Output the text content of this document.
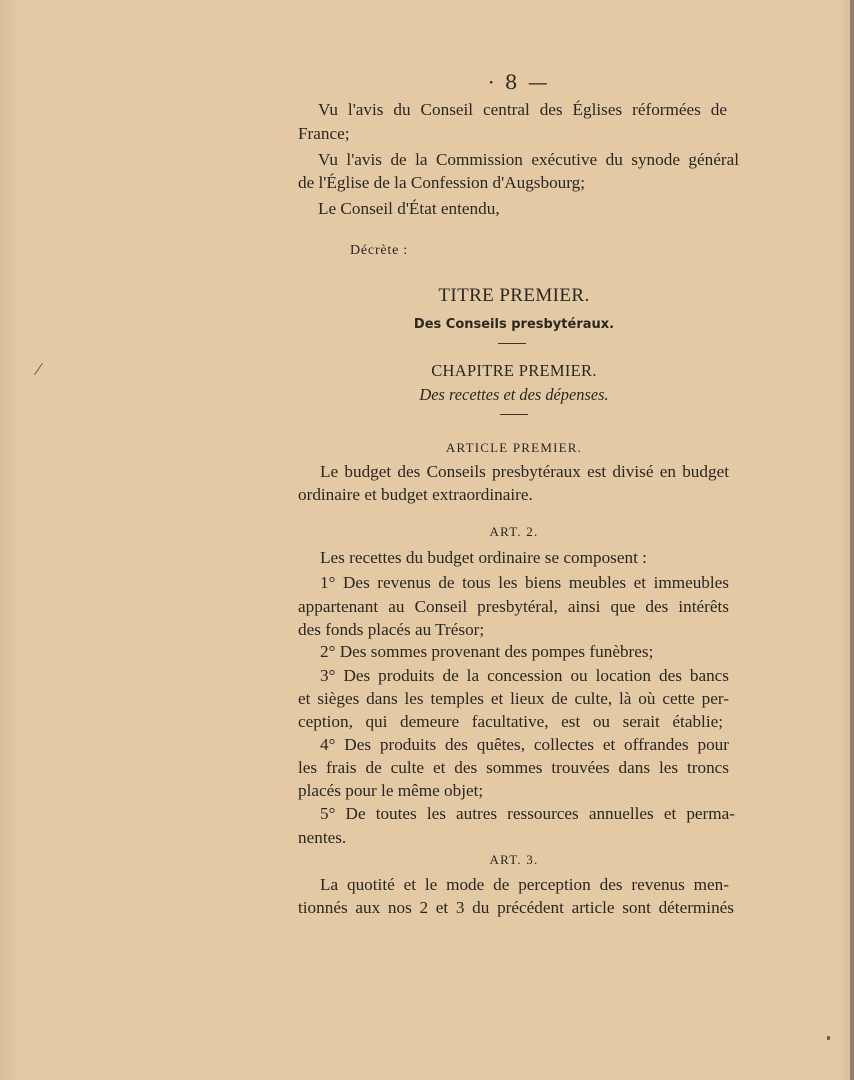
· 8 —
Vu l'avis du Conseil central des Églises réformées de
France;
Vu l'avis de la Commission exécutive du synode général
de l'Église de la Confession d'Augsbourg;
Le Conseil d'État entendu,
Décrète :
TITRE PREMIER.
Des Conseils presbytéraux.
CHAPITRE PREMIER.
Des recettes et des dépenses.
ARTICLE PREMIER.
Le budget des Conseils presbytéraux est divisé en budget
ordinaire et budget extraordinaire.
ART. 2.
Les recettes du budget ordinaire se composent :
1° Des revenus de tous les biens meubles et immeubles
appartenant au Conseil presbytéral, ainsi que des intérêts
des fonds placés au Trésor;
2° Des sommes provenant des pompes funèbres;
3° Des produits de la concession ou location des bancs
et sièges dans les temples et lieux de culte, là où cette per-
ception, qui demeure facultative, est ou serait établie;
4° Des produits des quêtes, collectes et offrandes pour
les frais de culte et des sommes trouvées dans les troncs
placés pour le même objet;
5° De toutes les autres ressources annuelles et perma-
nentes.
ART. 3.
La quotité et le mode de perception des revenus men-
tionnés aux nos 2 et 3 du précédent article sont déterminés
